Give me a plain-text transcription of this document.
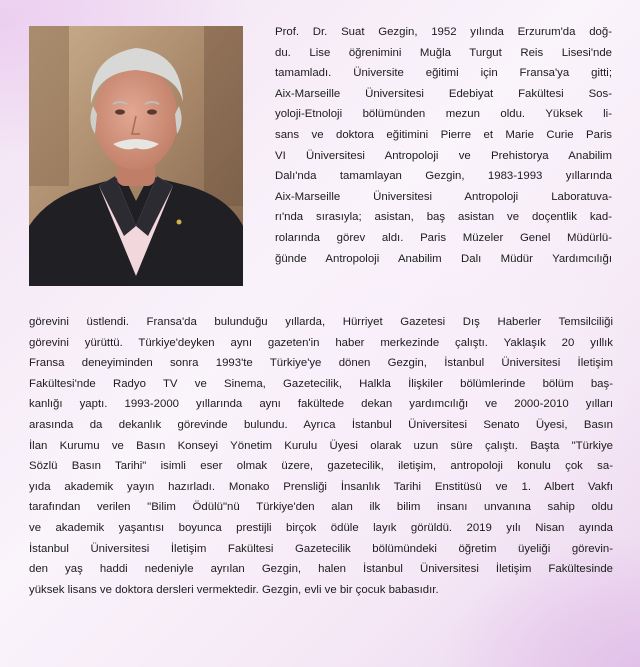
Prof. Dr. Suat Gezgin, 1952 yılında Erzurum'da doğ-
du. Lise öğrenimini Muğla Turgut Reis Lisesi'nde
tamamladı. Üniversite eğitimi için Fransa'ya gitti;
Aix-Marseille Üniversitesi Edebiyat Fakültesi Sos-
yoloji-Etnoloji bölümünden mezun oldu. Yüksek li-
sans ve doktora eğitimini Pierre et Marie Curie Paris
VI Üniversitesi Antropoloji ve Prehistorya Anabilim
Dalı'nda tamamlayan Gezgin, 1983-1993 yıllarında
Aix-Marseille Üniversitesi Antropoloji Laboratuva-
rı'nda sırasıyla; asistan, baş asistan ve doçentlik kad-
rolarında görev aldı. Paris Müzeler Genel Müdürlü-
ğünde Antropoloji Anabilim Dalı Müdür Yardımcılığı
görevini üstlendi. Fransa'da bulunduğu yıllarda, Hürriyet Gazetesi Dış Haberler Temsilciliği
görevini yürüttü. Türkiye'deyken aynı gazeten'in haber merkezinde çalıştı. Yaklaşık 20 yıllık
Fransa deneyiminden sonra 1993'te Türkiye'ye dönen Gezgin, İstanbul Üniversitesi İletişim
Fakültesi'nde Radyo TV ve Sinema, Gazetecilik, Halkla İlişkiler bölümlerinde bölüm baş-
kanlığı yaptı. 1993-2000 yıllarında aynı fakültede dekan yardımcılığı ve 2000-2010 yılları
arasında da dekanlık görevinde bulundu. Ayrıca İstanbul Üniversitesi Senato Üyesi, Basın
İlan Kurumu ve Basın Konseyi Yönetim Kurulu Üyesi olarak uzun süre çalıştı. Başta "Türkiye
Sözlü Basın Tarihi" isimli eser olmak üzere, gazetecilik, iletişim, antropoloji konulu çok sa-
yıda akademik yayın hazırladı. Monako Prensliği İnsanlık Tarihi Enstitüsü ve 1. Albert Vakfı
tarafından verilen "Bilim Ödülü"nü Türkiye'den alan ilk bilim insanı unvanına sahip oldu
ve akademik yaşantısı boyunca prestijli birçok ödüle layık görüldü. 2019 yılı Nisan ayında
İstanbul Üniversitesi İletişim Fakültesi Gazetecilik bölümündeki öğretim üyeliği görevin-
den yaş haddi nedeniyle ayrılan Gezgin, halen İstanbul Üniversitesi İletişim Fakültesinde
yüksek lisans ve doktora dersleri vermektedir. Gezgin, evli ve bir çocuk babasıdır.
